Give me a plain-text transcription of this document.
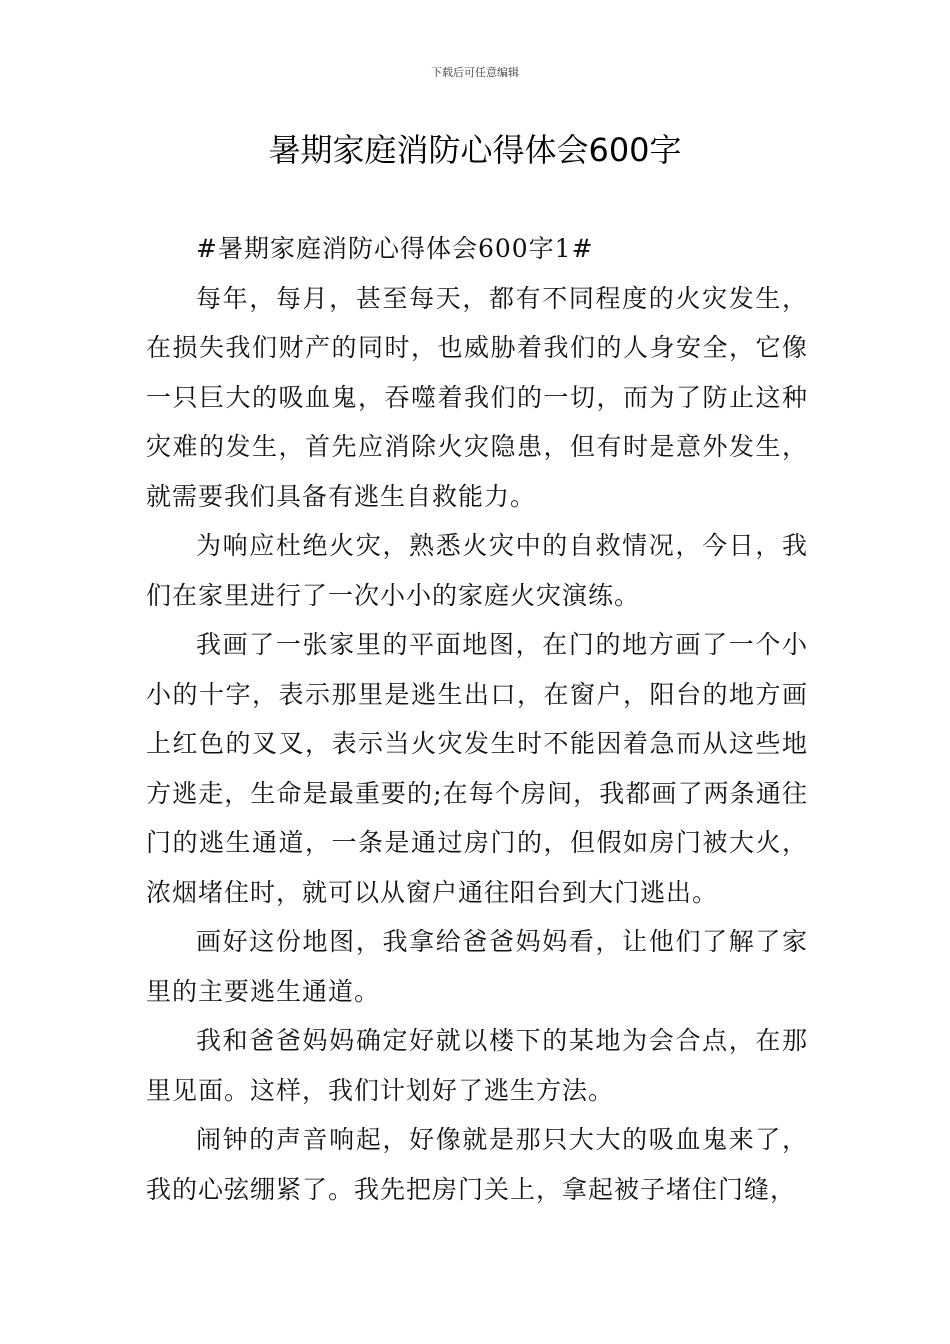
下载后可任意编辑
暑期家庭消防心得体会600字

#暑期家庭消防心得体会600字1#

每年，每月，甚至每天，都有不同程度的火灾发生，在损失我们财产的同时，也威胁着我们的人身安全，它像一只巨大的吸血鬼，吞噬着我们的一切，而为了防止这种灾难的发生，首先应消除火灾隐患，但有时是意外发生，就需要我们具备有逃生自救能力。

为响应杜绝火灾，熟悉火灾中的自救情况，今日，我们在家里进行了一次小小的家庭火灾演练。

我画了一张家里的平面地图，在门的地方画了一个小小的十字，表示那里是逃生出口，在窗户，阳台的地方画上红色的叉叉，表示当火灾发生时不能因着急而从这些地方逃走，生命是最重要的;在每个房间，我都画了两条通往门的逃生通道，一条是通过房门的，但假如房门被大火，浓烟堵住时，就可以从窗户通往阳台到大门逃出。

画好这份地图，我拿给爸爸妈妈看，让他们了解了家里的主要逃生通道。

我和爸爸妈妈确定好就以楼下的某地为会合点，在那里见面。这样，我们计划好了逃生方法。

闹钟的声音响起，好像就是那只大大的吸血鬼来了，我的心弦绷紧了。我先把房门关上，拿起被子堵住门缝，
